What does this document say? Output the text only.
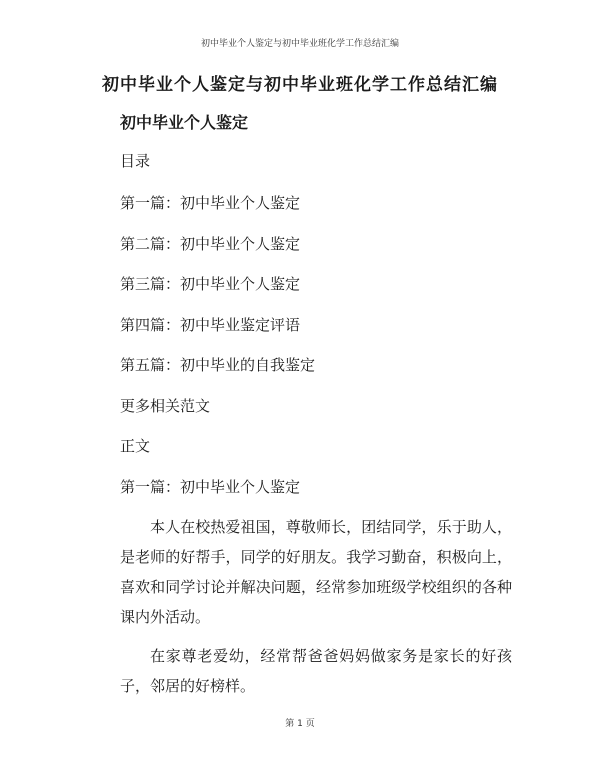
初中毕业个人鉴定与初中毕业班化学工作总结汇编
初中毕业个人鉴定与初中毕业班化学工作总结汇编
初中毕业个人鉴定
目录
第一篇：初中毕业个人鉴定
第二篇：初中毕业个人鉴定
第三篇：初中毕业个人鉴定
第四篇：初中毕业鉴定评语
第五篇：初中毕业的自我鉴定
更多相关范文
正文
第一篇：初中毕业个人鉴定
本人在校热爱祖国，尊敬师长，团结同学，乐于助人，是老师的好帮手，同学的好朋友。我学习勤奋，积极向上，喜欢和同学讨论并解决问题，经常参加班级学校组织的各种课内外活动。
在家尊老爱幼，经常帮爸爸妈妈做家务是家长的好孩子，邻居的好榜样。
第 1 页
